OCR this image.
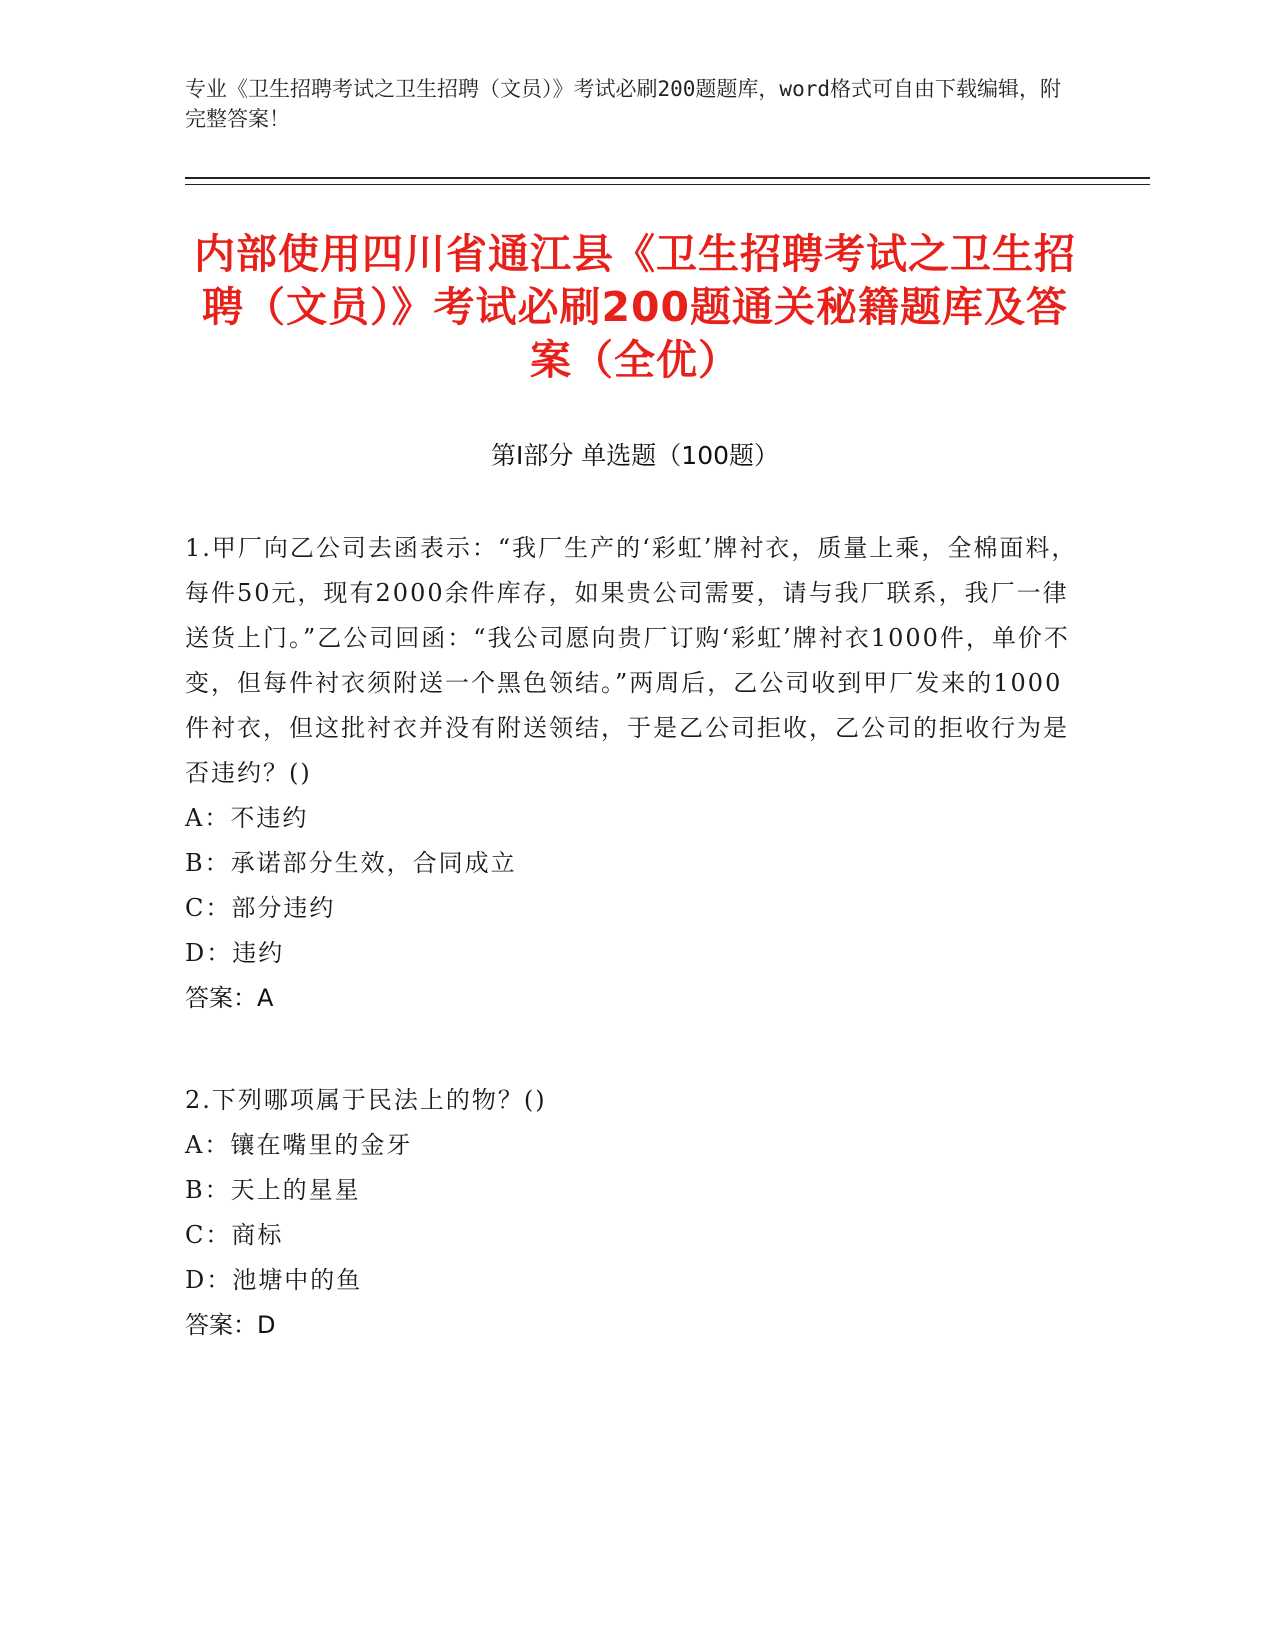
专业《卫生招聘考试之卫生招聘（文员）》考试必刷200题题库，word格式可自由下载编辑，附完整答案！
内部使用四川省通江县《卫生招聘考试之卫生招聘（文员）》考试必刷200题通关秘籍题库及答案（全优）
第Ⅰ部分 单选题（100题）
1.甲厂向乙公司去函表示：“我厂生产的‘彩虹’牌衬衣，质量上乘，全棉面料，每件50元，现有2000余件库存，如果贵公司需要，请与我厂联系，我厂一律送货上门。”乙公司回函：“我公司愿向贵厂订购‘彩虹’牌衬衣1000件，单价不变，但每件衬衣须附送一个黑色领结。”两周后，乙公司收到甲厂发来的1000件衬衣，但这批衬衣并没有附送领结，于是乙公司拒收，乙公司的拒收行为是否违约？()
A：不违约
B：承诺部分生效，合同成立
C：部分违约
D：违约
答案：A
2.下列哪项属于民法上的物？()
A：镶在嘴里的金牙
B：天上的星星
C：商标
D：池塘中的鱼
答案：D
